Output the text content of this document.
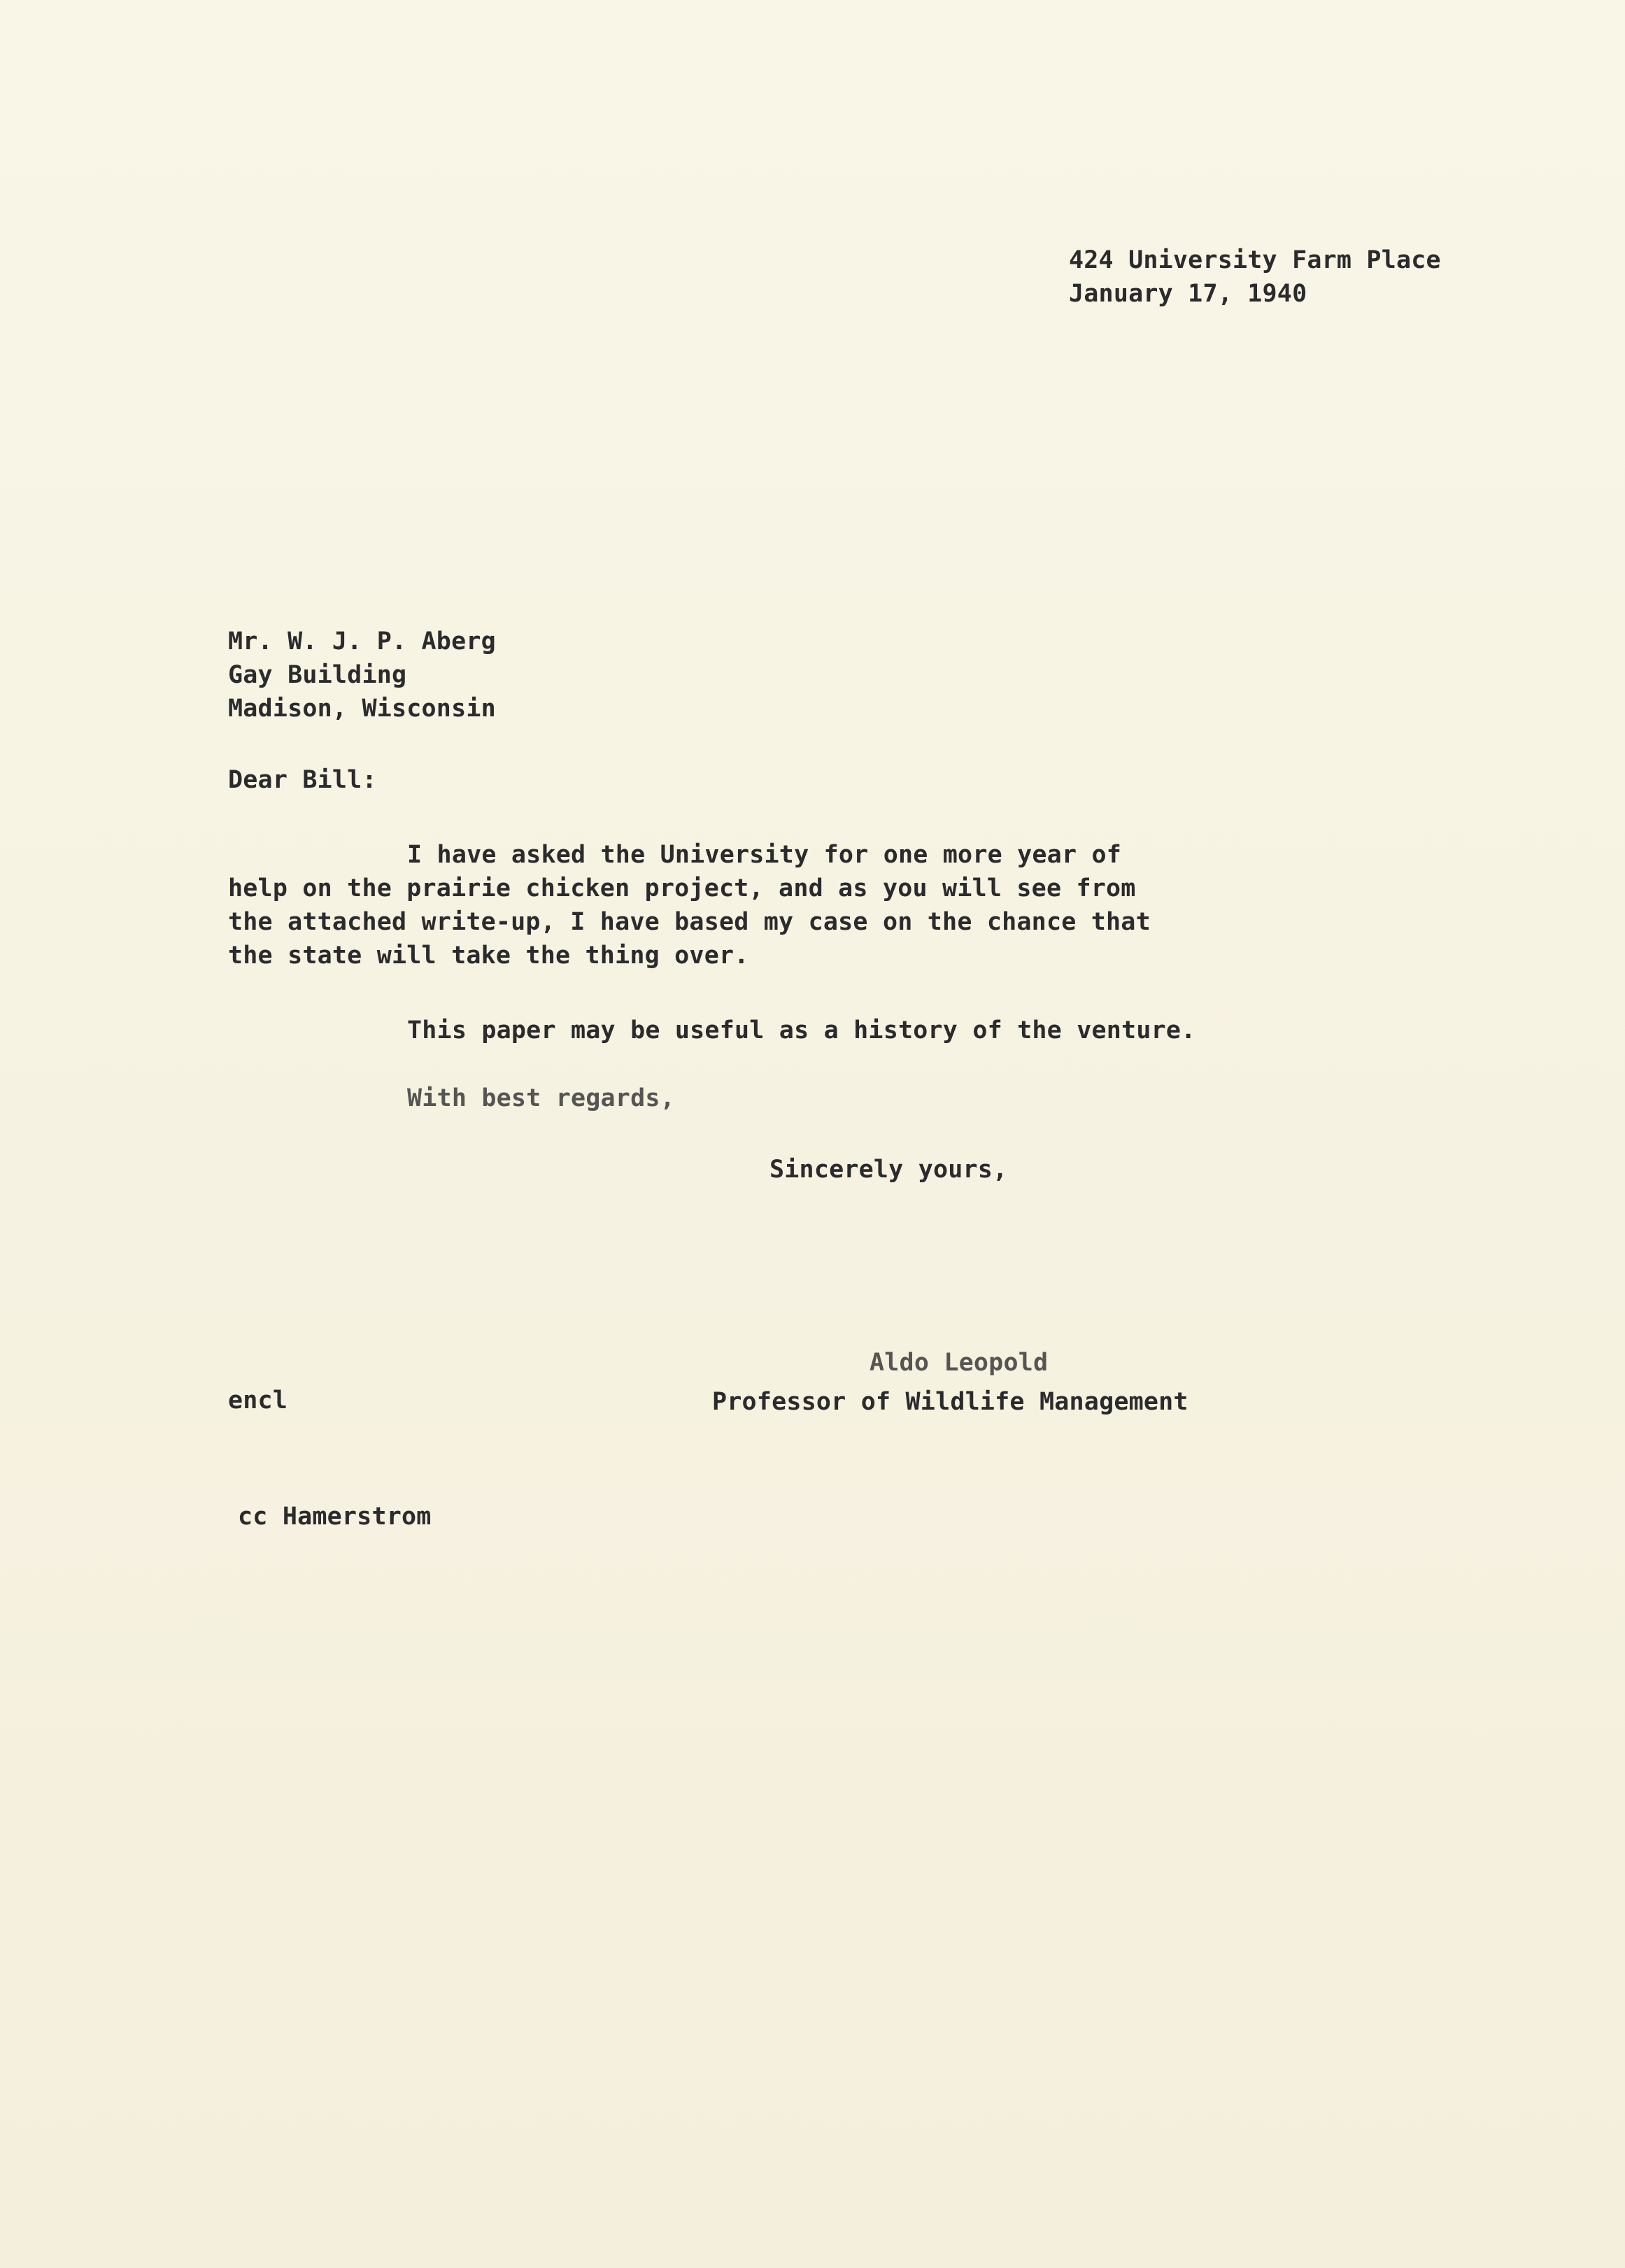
424 University Farm Place

January 17, 1940

Mr. W. J. P. Aberg

Gay Building

Madison, Wisconsin

Dear Bill:

I have asked the University for one more year of

help on the prairie chicken project, and as you will see from

the attached write-up, I have based my case on the chance that

the state will take the thing over.

This paper may be useful as a history of the venture.

With best regards,

Sincerely yours,

Aldo Leopold

encl	Professor of Wildlife Management

cc Hamerstrom
